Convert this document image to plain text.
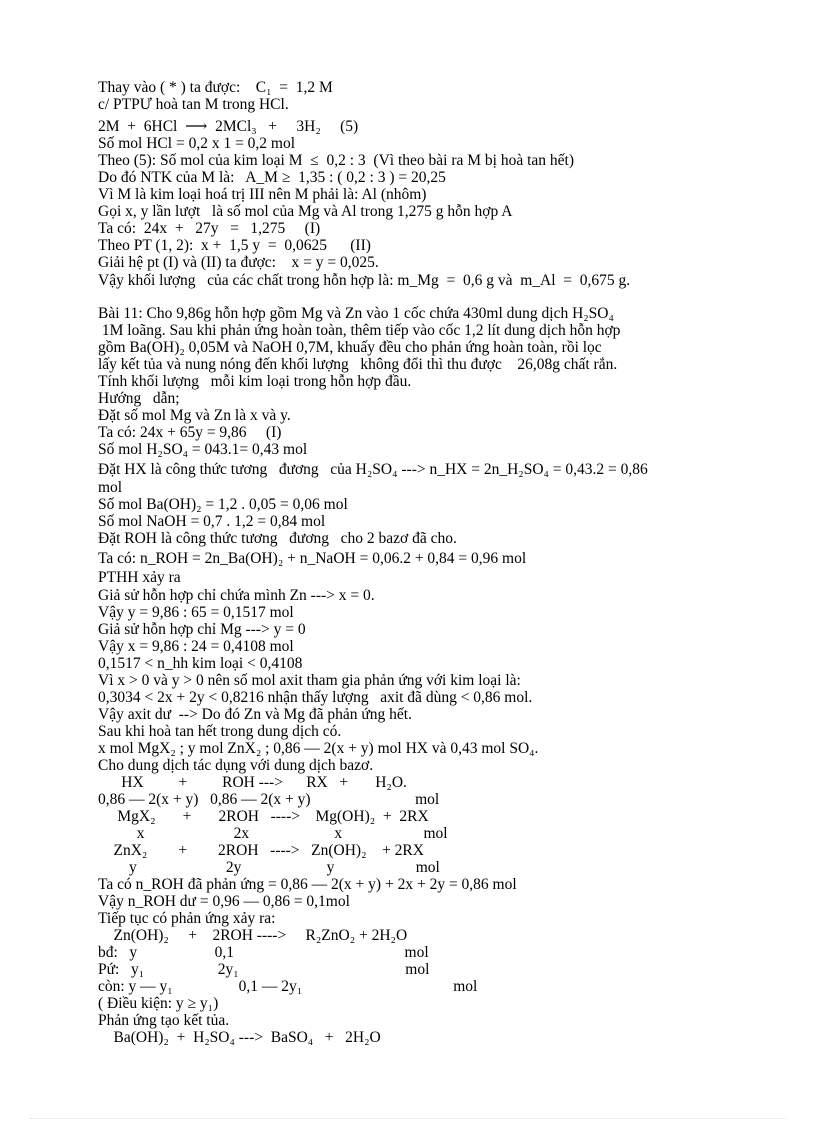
Thay vào ( * ) ta được:    C₁  =  1,2 M
c/ PTPƯ hoà tan M trong HCl.
2M  +  6HCl  ⟶  2MCl₃   +     3H₂     (5)
Số mol HCl = 0,2 x 1 = 0,2 mol
Theo (5): Số mol của kim loại M  ≤  0,2 : 3  (Vì theo bài ra M bị hoà tan hết)
Do đó NTK của M là:   A_M ≥  1,35 : ( 0,2 : 3 ) = 20,25
Vì M là kim loại hoá trị III nên M phải là: Al (nhôm)
Gọi x, y lần lượt   là số mol của Mg và Al trong 1,275 g hỗn hợp A
Ta có:  24x  +   27y   =   1,275     (I)
Theo PT (1, 2):  x +  1,5 y  =  0,0625      (II)
Giải hệ pt (I) và (II) ta được:    x = y = 0,025.
Vậy khối lượng   của các chất trong hỗn hợp là: m_Mg  =  0,6 g và  m_Al  =  0,675 g.
Bài 11: Cho 9,86g hỗn hợp gồm Mg và Zn vào 1 cốc chứa 430ml dung dịch H₂SO₄
1M loãng. Sau khi phản ứng hoàn toàn, thêm tiếp vào cốc 1,2 lít dung dịch hỗn hợp
gồm Ba(OH)₂ 0,05M và NaOH 0,7M, khuấy đều cho phản ứng hoàn toàn, rồi lọc
lấy kết tủa và nung nóng đến khối lượng   không đổi thì thu được    26,08g chất rắn.
Tính khối lượng   mỗi kim loại trong hỗn hợp đầu.
Hướng   dẫn;
Đặt số mol Mg và Zn là x và y.
Ta có: 24x + 65y = 9,86     (I)
Số mol H₂SO₄ = 043.1= 0,43 mol
Đặt HX là công thức tương   đương   của H₂SO₄ ---> n_HX = 2n_H₂SO₄ = 0,43.2 = 0,86
mol
Số mol Ba(OH)₂ = 1,2 . 0,05 = 0,06 mol
Số mol NaOH = 0,7 . 1,2 = 0,84 mol
Đặt ROH là công thức tương   đương   cho 2 bazơ đã cho.
Ta có: n_ROH = 2n_Ba(OH)₂ + n_NaOH = 0,06.2 + 0,84 = 0,96 mol
PTHH xảy ra
Giả sử hỗn hợp chỉ chứa mình Zn ---> x = 0.
Vậy y = 9,86 : 65 = 0,1517 mol
Giả sử hỗn hợp chỉ Mg ---> y = 0
Vậy x = 9,86 : 24 = 0,4108 mol
0,1517 < n_hh kim loại < 0,4108
Vì x > 0 và y > 0 nên số mol axit tham gia phản ứng với kim loại là:
0,3034 < 2x + 2y < 0,8216 nhận thấy lượng   axit đã dùng < 0,86 mol.
Vậy axit dư  --> Do đó Zn và Mg đã phản ứng hết.
Sau khi hoà tan hết trong dung dịch có.
x mol MgX₂ ; y mol ZnX₂ ; 0,86 — 2(x + y) mol HX và 0,43 mol SO₄.
Cho dung dịch tác dụng với dung dịch bazơ.
HX         +         ROH --->      RX   +       H₂O.
0,86 — 2(x + y)   0,86 — 2(x + y)                           mol
MgX₂       +       2ROH   ---->    Mg(OH)₂  +  2RX
x                       2x                      x                     mol
ZnX₂        +        2ROH   ---->   Zn(OH)₂    + 2RX
y                       2y                      y                     mol
Ta có n_ROH đã phản ứng = 0,86 — 2(x + y) + 2x + 2y = 0,86 mol
Vậy n_ROH dư = 0,96 — 0,86 = 0,1mol
Tiếp tục có phản ứng xảy ra:
Zn(OH)₂     +    2ROH ---->     R₂ZnO₂ + 2H₂O
bđ:   y                    0,1                                            mol
Pứ:   y₁                   2y₁                                           mol
còn: y — y₁                 0,1 — 2y₁                                       mol
( Điều kiện: y ≥ y₁)
Phản ứng tạo kết tủa.
Ba(OH)₂  +  H₂SO₄ --->  BaSO₄   +   2H₂O
